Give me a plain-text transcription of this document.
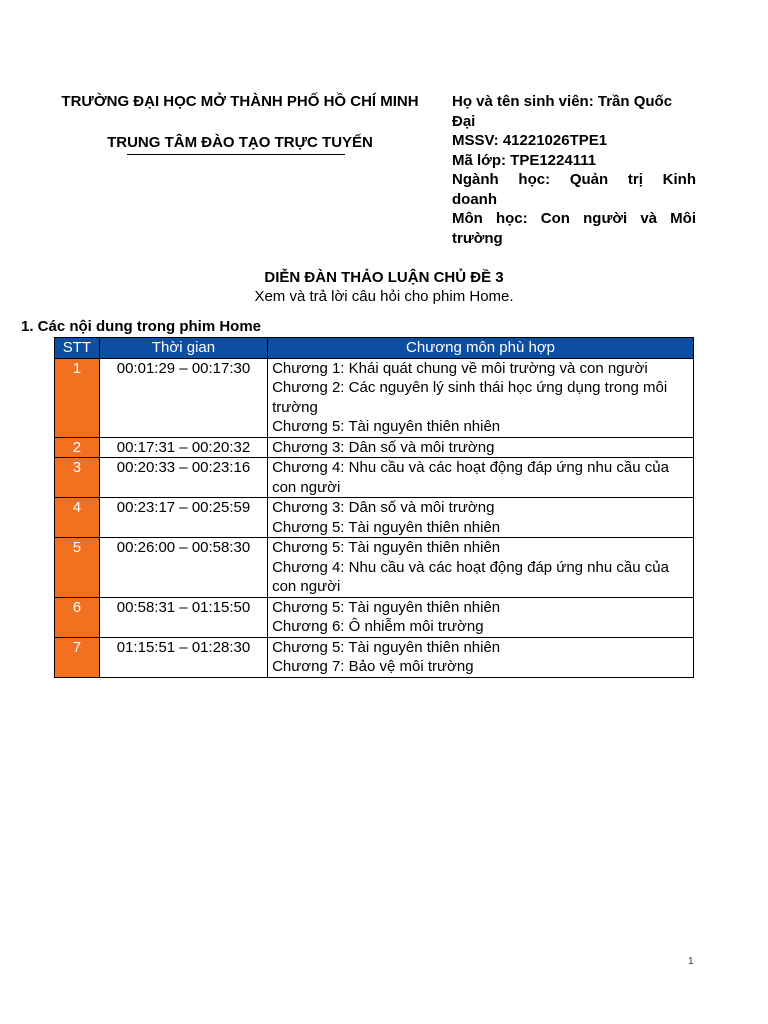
TRƯỜNG ĐẠI HỌC MỞ THÀNH PHỐ HỒ CHÍ MINH
TRUNG TÂM ĐÀO TẠO TRỰC TUYẾN
Họ và tên sinh viên: Trần Quốc
Đại
MSSV: 41221026TPE1
Mã lớp: TPE1224111
Ngành học: Quản trị Kinh
doanh
Môn học: Con người và Môi
trường
DIỄN ĐÀN THẢO LUẬN CHỦ ĐỀ 3
Xem và trả lời câu hỏi cho phim Home.
1. Các nội dung trong phim Home
STT	Thời gian	Chương môn phù hợp
1	00:01:29 – 00:17:30	Chương 1: Khái quát chung về môi trường và con người
Chương 2: Các nguyên lý sinh thái học ứng dụng trong môi trường
Chương 5: Tài nguyên thiên nhiên

2	00:17:31 – 00:20:32	Chương 3: Dân số và môi trường

3	00:20:33 – 00:23:16	Chương 4: Nhu cầu và các hoạt động đáp ứng nhu cầu của con người

4	00:23:17 – 00:25:59	Chương 3: Dân số và môi trường
Chương 5: Tài nguyên thiên nhiên

5	00:26:00 – 00:58:30	Chương 5: Tài nguyên thiên nhiên
Chương 4: Nhu cầu và các hoạt động đáp ứng nhu cầu của con người

6	00:58:31 – 01:15:50	Chương 5: Tài nguyên thiên nhiên
Chương 6: Ô nhiễm môi trường

7	01:15:51 – 01:28:30	Chương 5: Tài nguyên thiên nhiên
Chương 7: Bảo vệ môi trường
1
